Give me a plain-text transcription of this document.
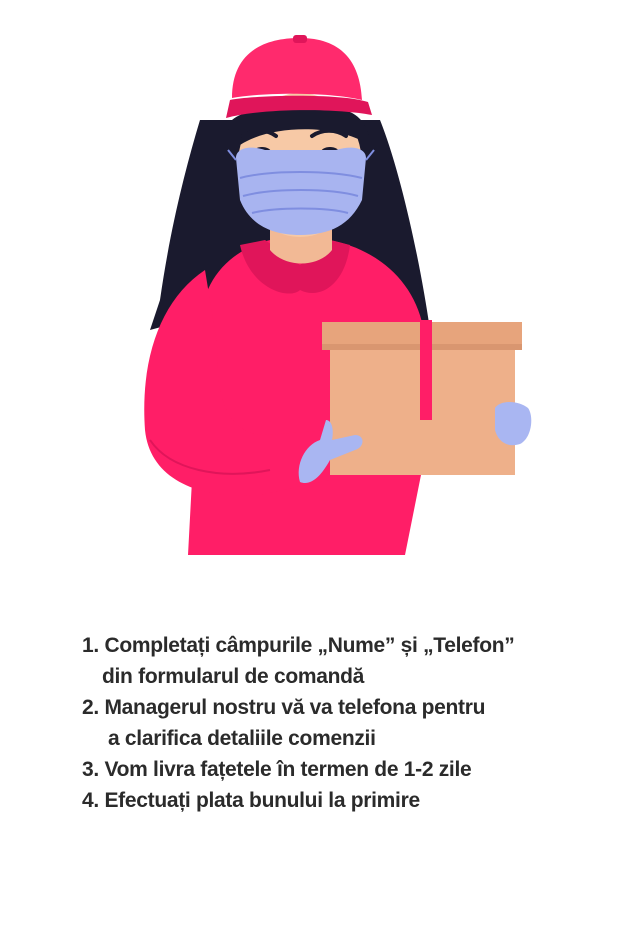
1. Completați câmpurile „Nume” și „Telefon”
din formularul de comandă
2. Managerul nostru vă va telefona pentru
a clarifica detaliile comenzii
3. Vom livra fațetele în termen de 1-2 zile
4. Efectuați plata bunului la primire
